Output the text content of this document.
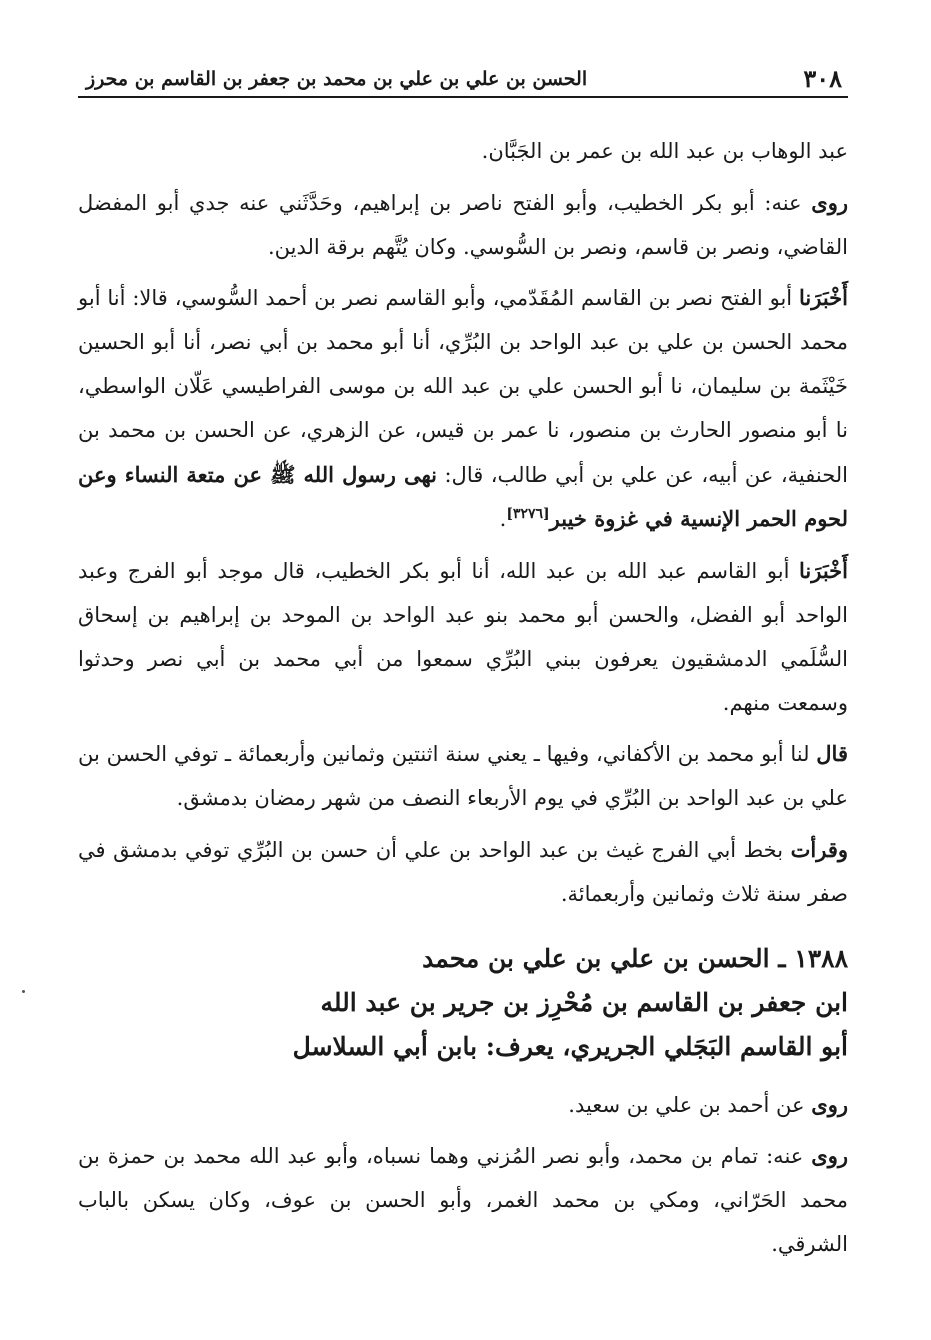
٣٠٨
الحسن بن علي بن علي بن محمد بن جعفر بن القاسم بن محرز

عبد الوهاب بن عبد الله بن عمر بن الجَبَّان.

روى عنه: أبو بكر الخطيب، وأبو الفتح ناصر بن إبراهيم، وحَدَّثَني عنه جدي أبو المفضل القاضي، ونصر بن قاسم، ونصر بن السُّوسي. وكان يُتَّهم برقة الدين.

أَخْبَرَنا أبو الفتح نصر بن القاسم المُقَدّمي، وأبو القاسم نصر بن أحمد السُّوسي، قالا: أنا أبو محمد الحسن بن علي بن عبد الواحد بن البُرِّي، أنا أبو محمد بن أبي نصر، أنا أبو الحسين خَيْثَمة بن سليمان، نا أبو الحسن علي بن عبد الله بن موسى الفراطيسي عَلّان الواسطي، نا أبو منصور الحارث بن منصور، نا عمر بن قيس، عن الزهري، عن الحسن بن محمد بن الحنفية، عن أبيه، عن علي بن أبي طالب، قال: نهى رسول الله ﷺ عن متعة النساء وعن لحوم الحمر الإنسية في غزوة خيبر[٣٢٧٦].

أَخْبَرَنا أبو القاسم عبد الله بن عبد الله، أنا أبو بكر الخطيب، قال موجد أبو الفرج وعبد الواحد أبو الفضل، والحسن أبو محمد بنو عبد الواحد بن الموحد بن إبراهيم بن إسحاق السُّلَمي الدمشقيون يعرفون ببني البُرِّي سمعوا من أبي محمد بن أبي نصر وحدثوا وسمعت منهم.

قال لنا أبو محمد بن الأكفاني، وفيها ـ يعني سنة اثنتين وثمانين وأربعمائة ـ توفي الحسن بن علي بن عبد الواحد بن البُرِّي في يوم الأربعاء النصف من شهر رمضان بدمشق.

وقرأت بخط أبي الفرج غيث بن عبد الواحد بن علي أن حسن بن البُرِّي توفي بدمشق في صفر سنة ثلاث وثمانين وأربعمائة.

١٣٨٨ ـ الحسن بن علي بن علي بن محمد
ابن جعفر بن القاسم بن مُحْرِز بن جرير بن عبد الله
أبو القاسم البَجَلي الجريري، يعرف: بابن أبي السلاسل

روى عن أحمد بن علي بن سعيد.

روى عنه: تمام بن محمد، وأبو نصر المُزني وهما نسباه، وأبو عبد الله محمد بن حمزة بن محمد الحَرّاني، ومكي بن محمد الغمر، وأبو الحسن بن عوف، وكان يسكن بالباب الشرقي.
